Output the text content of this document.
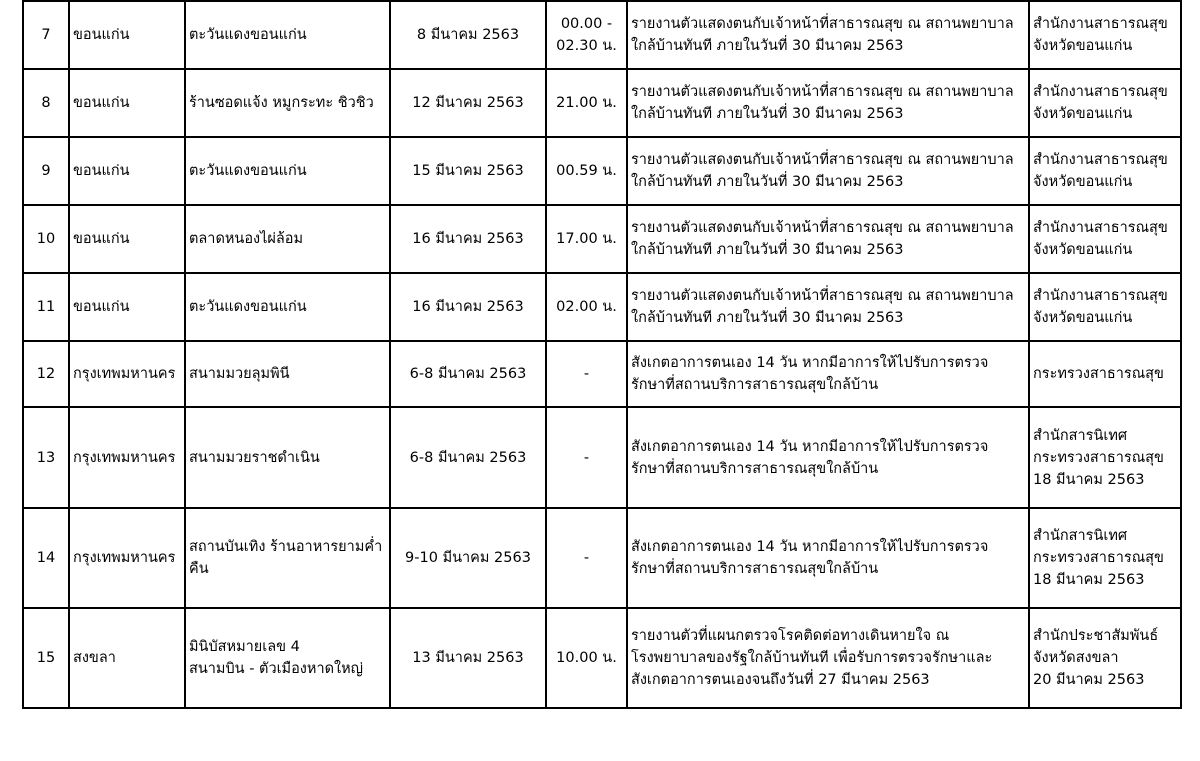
7	ขอนแก่น	ตะวันแดงขอนแก่น	8 มีนาคม 2563	00.00 -
02.30 น.	รายงานตัวแสดงตนกับเจ้าหน้าที่สาธารณสุข ณ สถานพยาบาล
ใกล้บ้านทันที ภายในวันที่ 30 มีนาคม 2563	สำนักงานสาธารณสุข
จังหวัดขอนแก่น

8	ขอนแก่น	ร้านซอดแจ้ง หมูกระทะ ชิวชิว	12 มีนาคม 2563	21.00 น.	รายงานตัวแสดงตนกับเจ้าหน้าที่สาธารณสุข ณ สถานพยาบาล
ใกล้บ้านทันที ภายในวันที่ 30 มีนาคม 2563	สำนักงานสาธารณสุข
จังหวัดขอนแก่น

9	ขอนแก่น	ตะวันแดงขอนแก่น	15 มีนาคม 2563	00.59 น.	รายงานตัวแสดงตนกับเจ้าหน้าที่สาธารณสุข ณ สถานพยาบาล
ใกล้บ้านทันที ภายในวันที่ 30 มีนาคม 2563	สำนักงานสาธารณสุข
จังหวัดขอนแก่น

10	ขอนแก่น	ตลาดหนองไผ่ล้อม	16 มีนาคม 2563	17.00 น.	รายงานตัวแสดงตนกับเจ้าหน้าที่สาธารณสุข ณ สถานพยาบาล
ใกล้บ้านทันที ภายในวันที่ 30 มีนาคม 2563	สำนักงานสาธารณสุข
จังหวัดขอนแก่น

11	ขอนแก่น	ตะวันแดงขอนแก่น	16 มีนาคม 2563	02.00 น.	รายงานตัวแสดงตนกับเจ้าหน้าที่สาธารณสุข ณ สถานพยาบาล
ใกล้บ้านทันที ภายในวันที่ 30 มีนาคม 2563	สำนักงานสาธารณสุข
จังหวัดขอนแก่น

12	กรุงเทพมหานคร	สนามมวยลุมพินี	6-8 มีนาคม 2563	-	สังเกตอาการตนเอง 14 วัน หากมีอาการให้ไปรับการตรวจ
รักษาที่สถานบริการสาธารณสุขใกล้บ้าน	กระทรวงสาธารณสุข

13	กรุงเทพมหานคร	สนามมวยราชดำเนิน	6-8 มีนาคม 2563	-	สังเกตอาการตนเอง 14 วัน หากมีอาการให้ไปรับการตรวจ
รักษาที่สถานบริการสาธารณสุขใกล้บ้าน	สำนักสารนิเทศ
กระทรวงสาธารณสุข
18 มีนาคม 2563

14	กรุงเทพมหานคร	สถานบันเทิง ร้านอาหารยามค่ำ
คืน	9-10 มีนาคม 2563	-	สังเกตอาการตนเอง 14 วัน หากมีอาการให้ไปรับการตรวจ
รักษาที่สถานบริการสาธารณสุขใกล้บ้าน	สำนักสารนิเทศ
กระทรวงสาธารณสุข
18 มีนาคม 2563

15	สงขลา	มินิบัสหมายเลข 4
สนามบิน - ตัวเมืองหาดใหญ่	13 มีนาคม 2563	10.00 น.	รายงานตัวที่แผนกตรวจโรคติดต่อทางเดินหายใจ ณ
โรงพยาบาลของรัฐใกล้บ้านทันที เพื่อรับการตรวจรักษาและ
สังเกตอาการตนเองจนถึงวันที่ 27 มีนาคม 2563	สำนักประชาสัมพันธ์
จังหวัดสงขลา
20 มีนาคม 2563
